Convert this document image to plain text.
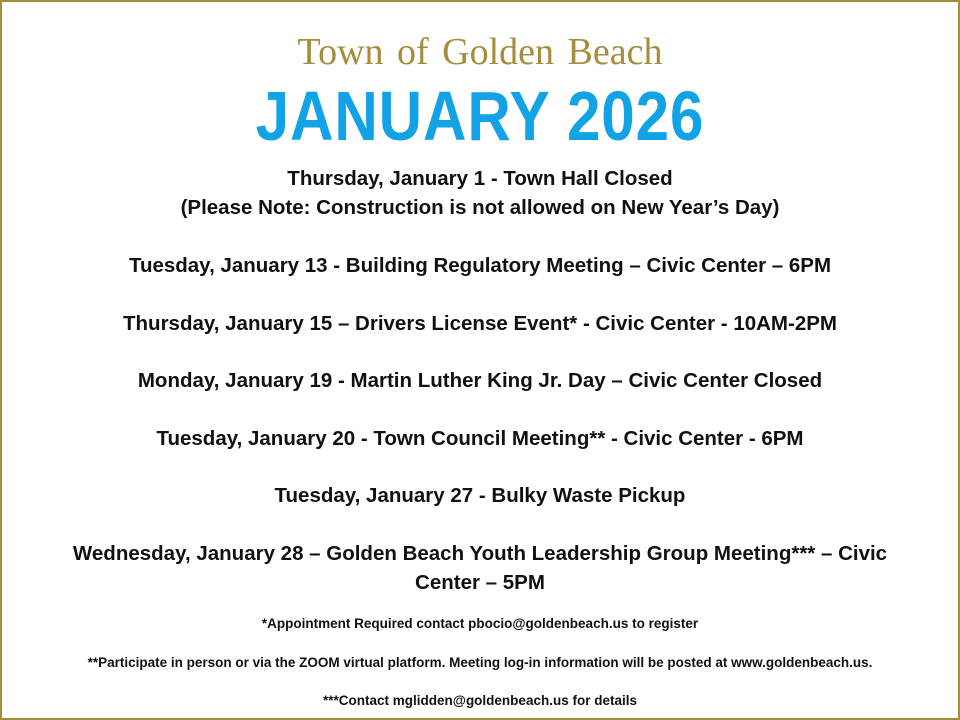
Town of Golden Beach
JANUARY 2026
Thursday, January 1 - Town Hall Closed
(Please Note: Construction is not allowed on New Year’s Day)
Tuesday, January 13 - Building Regulatory Meeting – Civic Center – 6PM
Thursday, January 15 – Drivers License Event* - Civic Center - 10AM-2PM
Monday, January 19 - Martin Luther King Jr. Day – Civic Center Closed
Tuesday, January 20 - Town Council Meeting** - Civic Center - 6PM
Tuesday, January 27 - Bulky Waste Pickup
Wednesday, January 28 – Golden Beach Youth Leadership Group Meeting*** – Civic
Center – 5PM
*Appointment Required contact pbocio@goldenbeach.us to register
**Participate in person or via the ZOOM virtual platform. Meeting log-in information will be posted at www.goldenbeach.us.
***Contact mglidden@goldenbeach.us for details
